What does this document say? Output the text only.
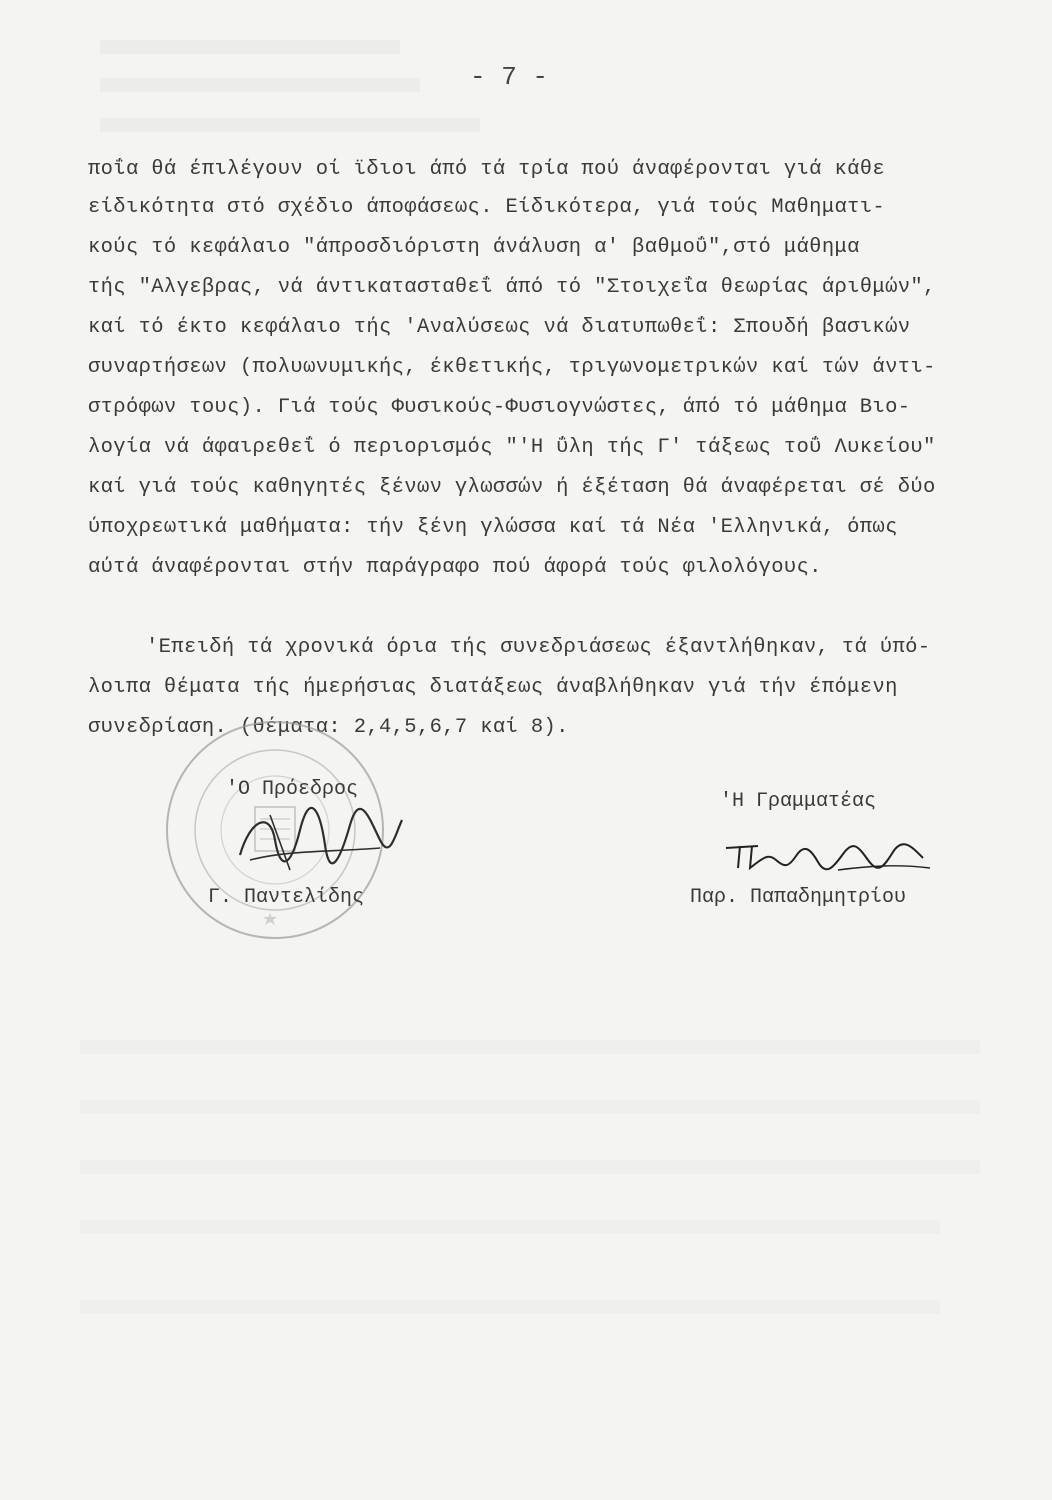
- 7 -
ποΐα θά έπιλέγουν οί ϊδιοι άπό τά τρία πού άναφέρονται γιά κάθε
είδικότητα στό σχέδιο άποφάσεως. Είδικότερα, γιά τούς Μαθηματι-
κούς τό κεφάλαιο "άπροσδιόριστη άνάλυση α' βαθμοΰ",στό μάθημα
τής "Αλγεβρας, νά άντικατασταθεΐ άπό τό "Στοιχεΐα θεωρίας άριθμών",
καί τό έκτο κεφάλαιο τής 'Αναλύσεως νά διατυπωθεΐ: Σπουδή βασικών
συναρτήσεων (πολυωνυμικής, έκθετικής, τριγωνομετρικών καί τών άντι-
στρόφων τους). Γιά τούς Φυσικούς-Φυσιογνώστες, άπό τό μάθημα Βιο-
λογία νά άφαιρεθεΐ ό περιορισμός "'Η ΰλη τής Γ' τάξεως τοΰ Λυκείου"
καί γιά τούς καθηγητές ξένων γλωσσών ή έξέταση θά άναφέρεται σέ δύο
ύποχρεωτικά μαθήματα: τήν ξένη γλώσσα καί τά Νέα 'Ελληνικά, όπως
αύτά άναφέρονται στήν παράγραφο πού άφορά τούς φιλολόγους.
'Επειδή τά χρονικά όρια τής συνεδριάσεως έξαντλήθηκαν, τά ύπό-
λοιπα θέματα τής ήμερήσιας διατάξεως άναβλήθηκαν γιά τήν έπόμενη
συνεδρίαση. (θέματα: 2,4,5,6,7 καί 8).
'Ο Πρόεδρος
Γ. Παντελίδης
'Η Γραμματέας
Παρ. Παπαδημητρίου
